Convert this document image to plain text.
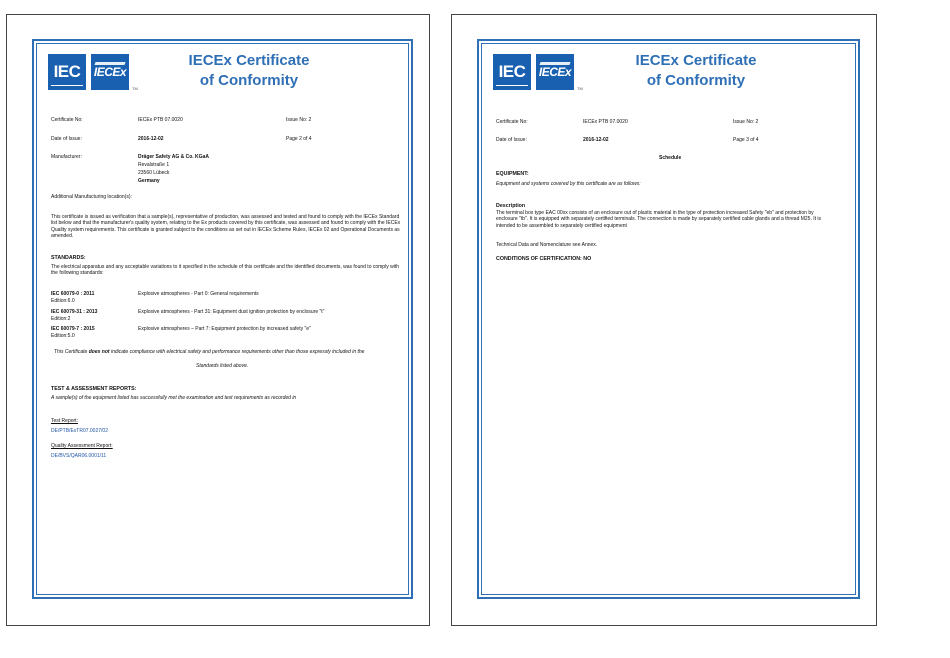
IEC IECEx
TM
IECEx Certificate
of Conformity
Certificate No:	IECEx PTB 07.0020	Issue No: 2
Date of Issue:	2016-12-02	Page 2 of 4
Manufacturer:	Dräger Safety AG & Co. KGaA
Revalstraße 1
23560 Lübeck
Germany
Additional Manufacturing location(s):
This certificate is issued as verification that a sample(s), representative of production, was assessed and tested and found to comply with the IECEx Standard list below and that the manufacturer's quality system, relating to the Ex products covered by this certificate, was assessed and found to comply with the IECEx Quality system requirements. This certificate is granted subject to the conditions as set out in IECEx Scheme Rules, IECEx 02 and Operational Documents as amended.
STANDARDS:
The electrical apparatus and any acceptable variations to it specified in the schedule of this certificate and the identified documents, was found to comply with the following standards:
IEC 60079-0 : 2011
Edition:6.0
Explosive atmospheres - Part 0: General requirements
IEC 60079-31 : 2013
Edition:2
Explosive atmospheres - Part 31: Equipment dust ignition protection by enclosure "t"
IEC 60079-7 : 2015
Edition:5.0
Explosive atmospheres – Part 7: Equipment protection by increased safety "e"
This Certificate does not indicate compliance with electrical safety and performance requirements other than those expressly included in the
Standards listed above.
TEST & ASSESSMENT REPORTS:
A sample(s) of the equipment listed has successfully met the examination and test requirements as recorded in
Test Report:
DE/PTB/ExTR07.0027/02
Quality Assessment Report:
DE/BVS/QAR06.0001/11
IEC IECEx
TM
IECEx Certificate
of Conformity
Certificate No:	IECEx PTB 07.0020	Issue No: 2
Date of Issue:	2016-12-02	Page 3 of 4
Schedule
EQUIPMENT:
Equipment and systems covered by this certificate are as follows:
Description
The terminal box type EAC 00xx consists of an enclosure out of plastic material in the type of protection increased Safety "eb" and protection by enclosure "tb". It is equipped with separately certified terminals. The connection is made by separately certified cable glands and a thread M25. It is intended to be assembled to separately certified equipment
Technical Data and Nomenclature see Annex.
CONDITIONS OF CERTIFICATION: NO
